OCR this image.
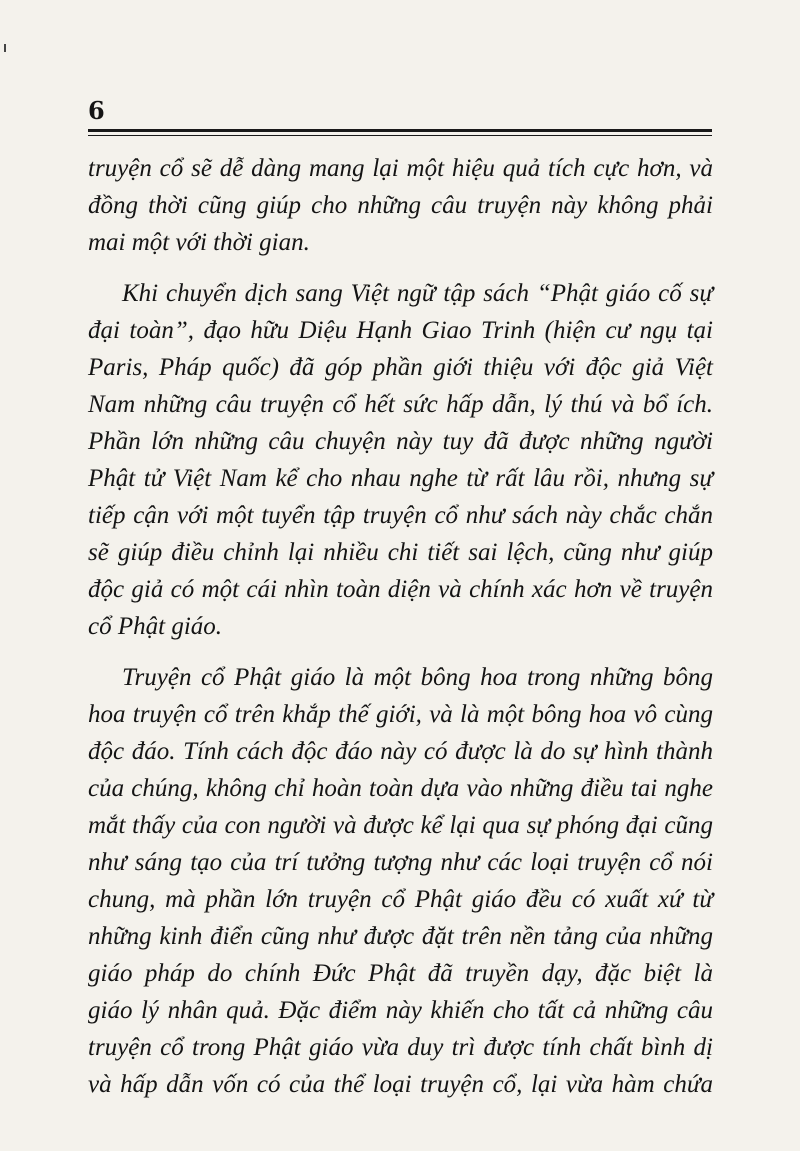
6

truyện cổ sẽ dễ dàng mang lại một hiệu quả tích cực hơn, và
đồng thời cũng giúp cho những câu truyện này không phải
mai một với thời gian.

Khi chuyển dịch sang Việt ngữ tập sách “Phật giáo cố sự
đại toàn”, đạo hữu Diệu Hạnh Giao Trinh (hiện cư ngụ tại
Paris, Pháp quốc) đã góp phần giới thiệu với độc giả Việt
Nam những câu truyện cổ hết sức hấp dẫn, lý thú và bổ ích.
Phần lớn những câu chuyện này tuy đã được những người
Phật tử Việt Nam kể cho nhau nghe từ rất lâu rồi, nhưng sự
tiếp cận với một tuyển tập truyện cổ như sách này chắc chắn
sẽ giúp điều chỉnh lại nhiều chi tiết sai lệch, cũng như giúp
độc giả có một cái nhìn toàn diện và chính xác hơn về truyện
cổ Phật giáo.

Truyện cổ Phật giáo là một bông hoa trong những bông
hoa truyện cổ trên khắp thế giới, và là một bông hoa vô cùng
độc đáo. Tính cách độc đáo này có được là do sự hình thành
của chúng, không chỉ hoàn toàn dựa vào những điều tai nghe
mắt thấy của con người và được kể lại qua sự phóng đại cũng
như sáng tạo của trí tưởng tượng như các loại truyện cổ nói
chung, mà phần lớn truyện cổ Phật giáo đều có xuất xứ từ
những kinh điển cũng như được đặt trên nền tảng của những
giáo pháp do chính Đức Phật đã truyền dạy, đặc biệt là
giáo lý nhân quả. Đặc điểm này khiến cho tất cả những câu
truyện cổ trong Phật giáo vừa duy trì được tính chất bình dị
và hấp dẫn vốn có của thể loại truyện cổ, lại vừa hàm chứa
